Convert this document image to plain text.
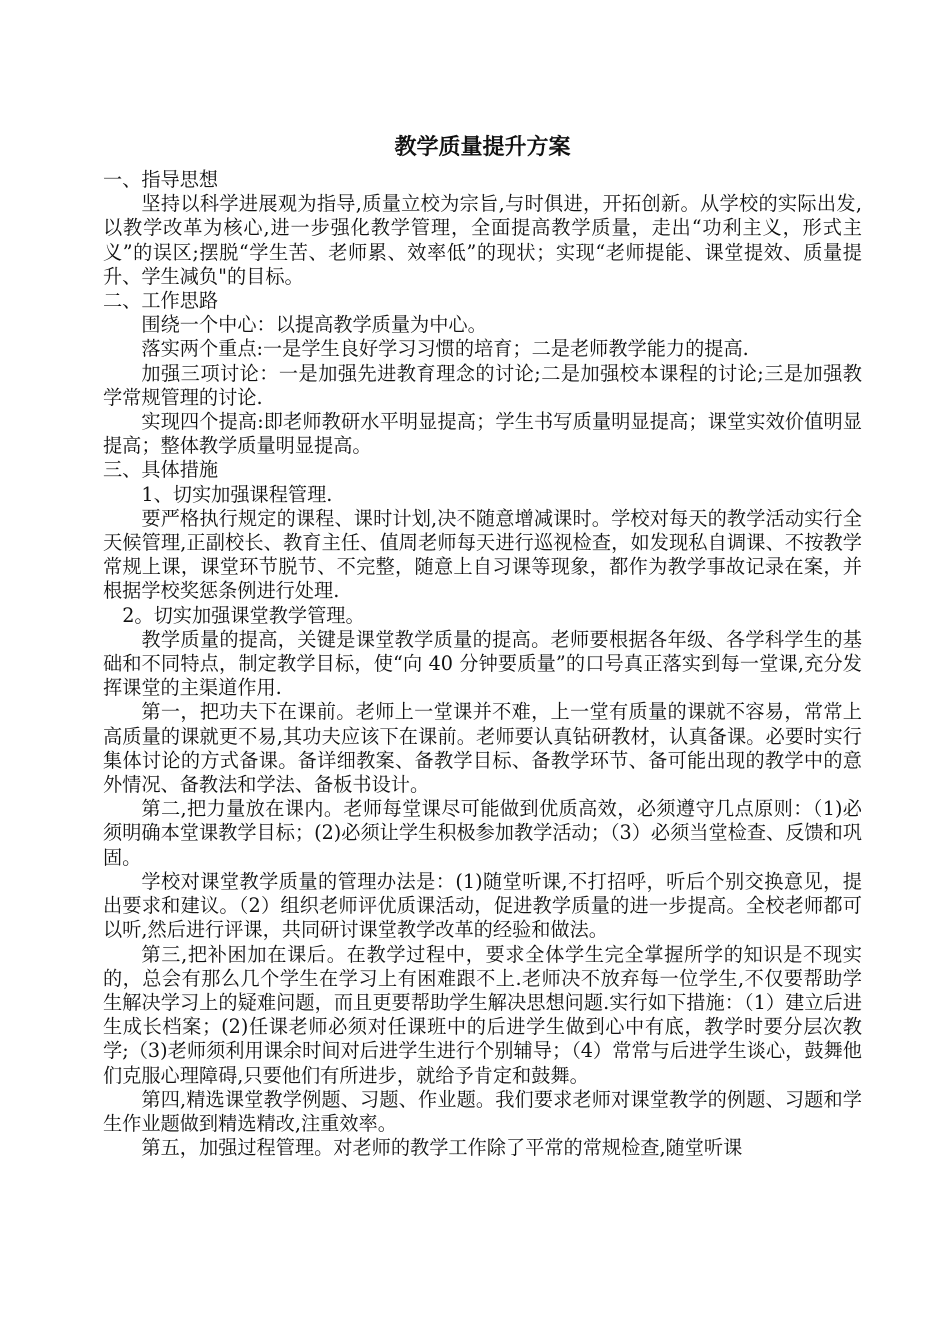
教学质量提升方案
一、指导思想
坚持以科学进展观为指导,质量立校为宗旨,与时俱进，开拓创新。从学校的实际出发,以教学改革为核心,进一步强化教学管理，全面提高教学质量，走出“功利主义，形式主义”的误区;摆脱“学生苦、老师累、效率低”的现状；实现“老师提能、课堂提效、质量提升、学生减负"的目标。
二、工作思路
围绕一个中心：以提高教学质量为中心。
落实两个重点:一是学生良好学习习惯的培育；二是老师教学能力的提高.
加强三项讨论：一是加强先进教育理念的讨论;二是加强校本课程的讨论;三是加强教学常规管理的讨论.
实现四个提高:即老师教研水平明显提高；学生书写质量明显提高；课堂实效价值明显提高；整体教学质量明显提高。
三、具体措施
1、切实加强课程管理.
要严格执行规定的课程、课时计划,决不随意增减课时。学校对每天的教学活动实行全天候管理,正副校长、教育主任、值周老师每天进行巡视检查，如发现私自调课、不按教学常规上课，课堂环节脱节、不完整，随意上自习课等现象，都作为教学事故记录在案，并根据学校奖惩条例进行处理.
2。切实加强课堂教学管理。
教学质量的提高，关键是课堂教学质量的提高。老师要根据各年级、各学科学生的基础和不同特点，制定教学目标，使“向 40 分钟要质量”的口号真正落实到每一堂课,充分发挥课堂的主渠道作用.
第一，把功夫下在课前。老师上一堂课并不难，上一堂有质量的课就不容易，常常上高质量的课就更不易,其功夫应该下在课前。老师要认真钻研教材，认真备课。必要时实行集体讨论的方式备课。备详细教案、备教学目标、备教学环节、备可能出现的教学中的意外情况、备教法和学法、备板书设计。
第二,把力量放在课内。老师每堂课尽可能做到优质高效，必须遵守几点原则：（1)必须明确本堂课教学目标；(2)必须让学生积极参加教学活动；（3）必须当堂检查、反馈和巩固。
学校对课堂教学质量的管理办法是：(1)随堂听课,不打招呼，听后个别交换意见，提出要求和建议。（2）组织老师评优质课活动，促进教学质量的进一步提高。全校老师都可以听,然后进行评课，共同研讨课堂教学改革的经验和做法。
第三,把补困加在课后。在教学过程中，要求全体学生完全掌握所学的知识是不现实的，总会有那么几个学生在学习上有困难跟不上.老师决不放弃每一位学生,不仅要帮助学生解决学习上的疑难问题，而且更要帮助学生解决思想问题.实行如下措施：（1）建立后进生成长档案；(2)任课老师必须对任课班中的后进学生做到心中有底，教学时要分层次教学;（3)老师须利用课余时间对后进学生进行个别辅导；（4）常常与后进学生谈心，鼓舞他们克服心理障碍,只要他们有所进步，就给予肯定和鼓舞。
第四,精选课堂教学例题、习题、作业题。我们要求老师对课堂教学的例题、习题和学生作业题做到精选精改,注重效率。
第五，加强过程管理。对老师的教学工作除了平常的常规检查,随堂听课
